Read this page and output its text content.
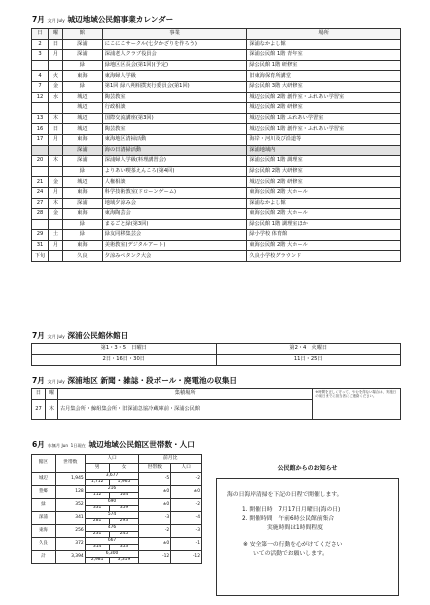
7月 文月 July 城辺地域公民館事業カレンダー
日	曜	館	事業	場所
2	日	深浦	にこにこサークル(七夕かざりを作ろう)	深浦なかよし館
3	月	深浦	深浦老人クラブ役員会	深浦公民館 1階 青年室
		緑	緑地区区長会(第1回)(予定)	緑公民館 1階 研修室
4	火	東海	東海婦人学級	旧東海保育所講堂
7	金	緑	第1回 緑八朔相撲実行委員会(第1回)	緑公民館 3階 大研修室
12	水	城辺	陶芸教室	城辺公民館 2階 創作室・ふれあい学習室
		城辺	行政相談	城辺公民館 2階 研修室
13	木	城辺	国際交流講座(第3回)	城辺公民館 1階 ふれあい学習室
16	日	城辺	陶芸教室	城辺公民館 1階 創作室・ふれあい学習室
17	月	東海	東海地区清掃活動	海岸・河川及び沿道等
		深浦	海の日清掃活動	深浦地域内
20	木	深浦	深浦婦人学級(料理講習会)	深浦公民館 1階 調理室
		緑	よりあい喫茶えんころ(第4回)	緑公民館 2階 大研修室
21	金	城辺	人権相談	城辺公民館 2階 研修室
24	月	東海	科学技術教室(ドローンゲーム)	東海公民館 2階 大ホール
27	木	深浦	地域夕涼み会	深浦なかよし館
28	金	東海	東海陶芸会	東海公民館 2階 大ホール
		緑	まるごと緑(第3回)	緑公民館 1階 調理室ほか
29	土	緑	緑友同移集芸会	緑小学校 体育館
31	月	東海	美術教室(デジタルアート)	東海公民館 2階 大ホール
下旬		久良	夕涼みペタンク大会	久良小学校グラウンド
7月 文月 July 深浦公民館休館日
第1・3・5　日曜日	第2・4　火曜日
2日・16日・30日	11日・25日
7月 文月 July 深浦地区 新聞・雑誌・段ボール・廃電池の収集日
日	曜	集積場所	※時間を正しく守って、やむを得ない場合は、実施日の前日までに担当者にご連絡ください。
27	木	古月集会所・鯨組集会所・旧深浦急協冷蔵庫前・深浦公民館	
6月 水無月 Jun 1日現在 城辺地域公民館区世帯数・人口
館区	世帯数	人口		前月比	
		男	女	世帯数	人口
城辺	1,945	3,677		-5	-2
		1,712	1,965		
豊郷	128	216		±0	±0
		112	104		
緑	352	690		±0	-2
		331	359		
深浦	341	574		-3	-4
		281	293		
東海	256	476		-2	-3
		231	245		
久良	372	667		±0	-1
		314	353		
計	3,394	6,300		-12	-12
		2,981	3,319		
公民館からのお知らせ

海の日海岸清掃を下記の日程で開催します。

1. 開催日時　7月17日月曜日(海の日)

2. 開催時間　午前6時公民館前集合

実施時間は1時間程度

※ 安全第一の行動を心がけてください

いての活動でお願いします。
